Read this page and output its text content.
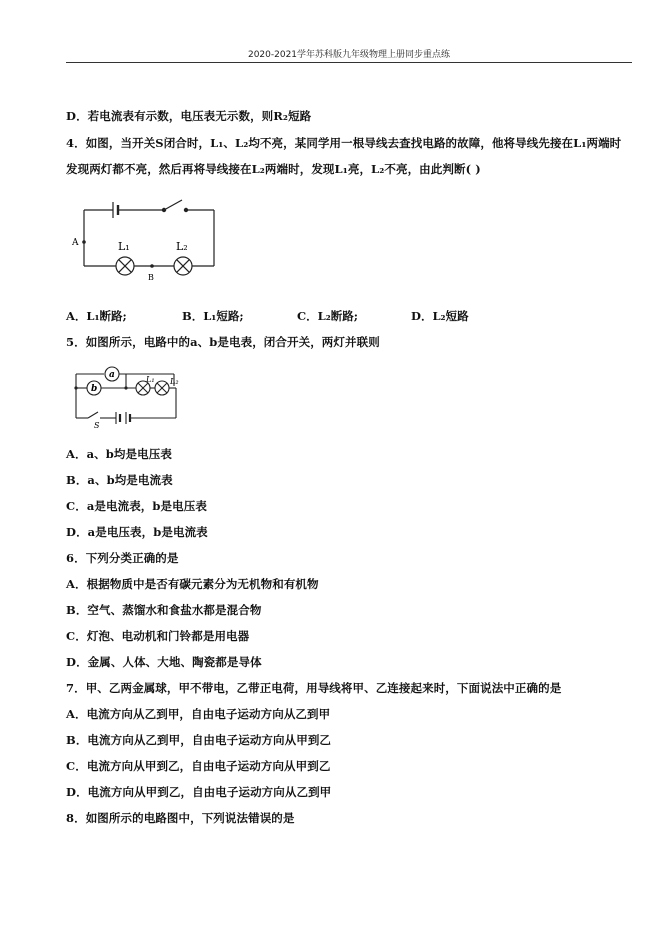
2020-2021学年苏科版九年级物理上册同步重点练
D．若电流表有示数，电压表无示数，则R₂短路
4．如图，当开关S闭合时，L₁、L₂均不亮，某同学用一根导线去查找电路的故障，他将导线先接在L₁两端时
发现两灯都不亮，然后再将导线接在L₂两端时，发现L₁亮，L₂不亮，由此判断( )
A
B
L₁	L₂
A．L₁断路;	B．L₁短路;	C．L₂断路;	D．L₂短路
5．如图所示，电路中的a、b是电表，闭合开关，两灯并联则
a
b
L₁ L₂
S
A．a、b均是电压表
B．a、b均是电流表
C．a是电流表，b是电压表
D．a是电压表，b是电流表
6．下列分类正确的是
A．根据物质中是否有碳元素分为无机物和有机物
B．空气、蒸馏水和食盐水都是混合物
C．灯泡、电动机和门铃都是用电器
D．金属、人体、大地、陶瓷都是导体
7．甲、乙两金属球，甲不带电，乙带正电荷，用导线将甲、乙连接起来时，下面说法中正确的是
A．电流方向从乙到甲，自由电子运动方向从乙到甲
B．电流方向从乙到甲，自由电子运动方向从甲到乙
C．电流方向从甲到乙，自由电子运动方向从甲到乙
D．电流方向从甲到乙，自由电子运动方向从乙到甲
8．如图所示的电路图中，下列说法错误的是
